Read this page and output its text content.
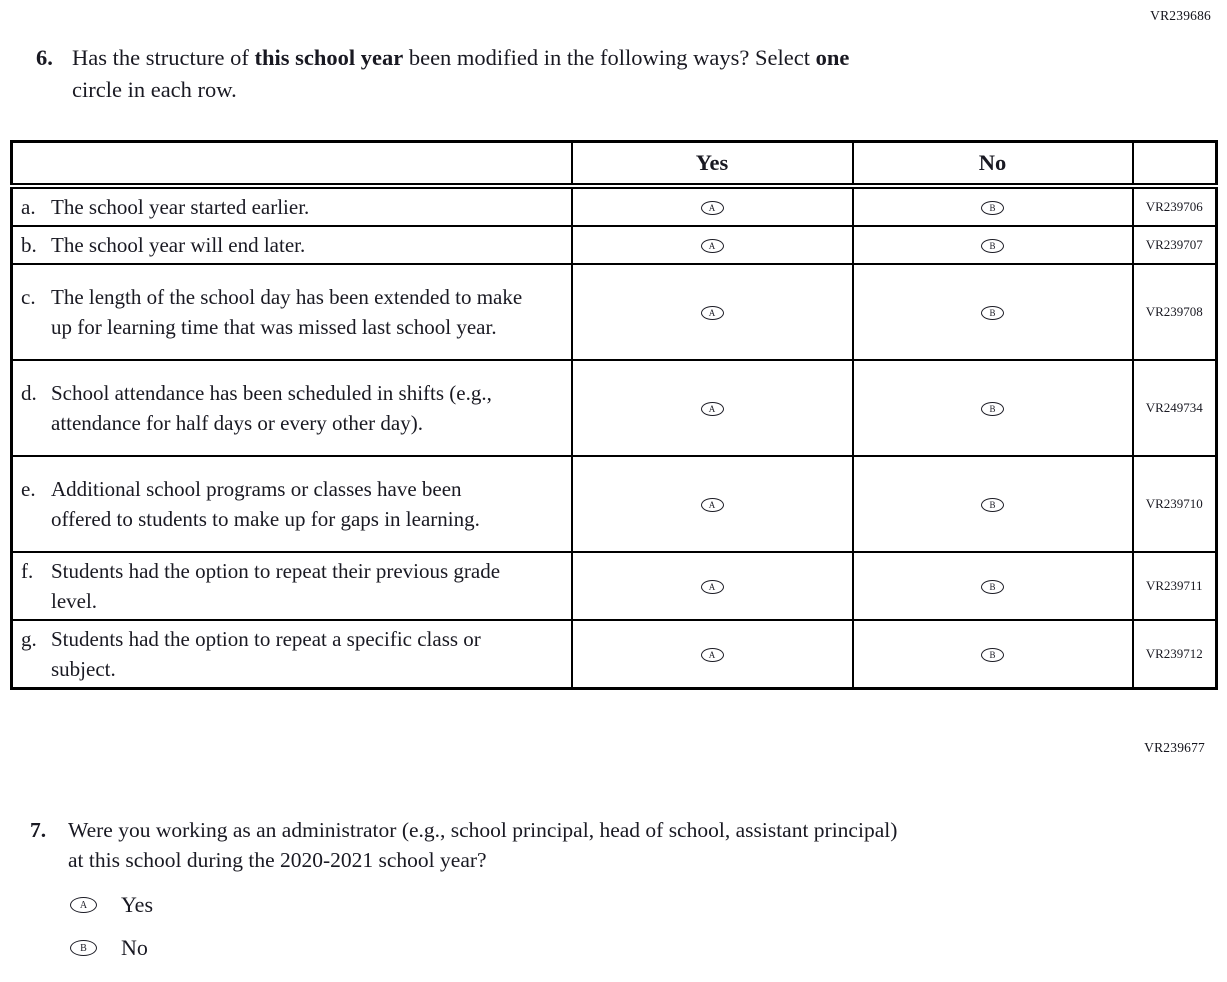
VR239686
VR239677
6. Has the structure of this school year been modified in the following ways? Select one
circle in each row.
	Yes	No	

a. The school year started earlier.	A	B	VR239706

b. The school year will end later.	A	B	VR239707

c. The length of the school day has been extended to make up for learning time that was missed last school year.	A	B	VR239708

d. School attendance has been scheduled in shifts (e.g., attendance for half days or every other day).	A	B	VR249734

e. Additional school programs or classes have been offered to students to make up for gaps in learning.	A	B	VR239710

f. Students had the option to repeat their previous grade level.	A	B	VR239711

g. Students had the option to repeat a specific class or subject.	A	B	VR239712
7.	Were you working as an administrator (e.g., school principal, head of school, assistant principal)
at this school during the 2020-2021 school year?
A	Yes
B	No
